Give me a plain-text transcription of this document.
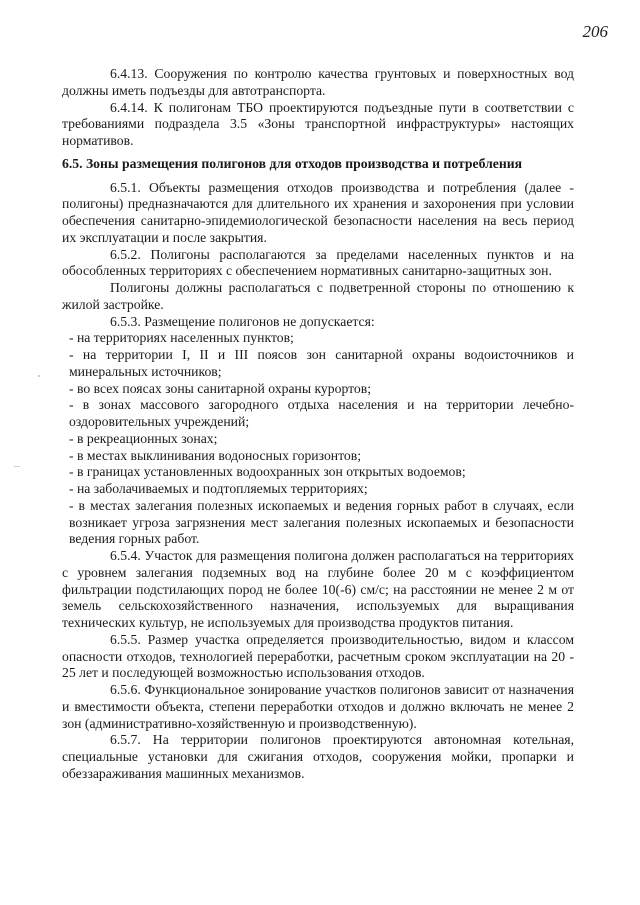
206

6.4.13. Сооружения по контролю качества грунтовых и поверхностных вод должны иметь подъезды для автотранспорта.

6.4.14. К полигонам ТБО проектируются подъездные пути в соответствии с требованиями подраздела 3.5 «Зоны транспортной инфраструктуры» настоящих нормативов.

6.5. Зоны размещения полигонов для отходов производства и потребления

6.5.1. Объекты размещения отходов производства и потребления (далее - полигоны) предназначаются для длительного их хранения и захоронения при условии обеспечения санитарно-эпидемиологической безопасности населения на весь период их эксплуатации и после закрытия.

6.5.2. Полигоны располагаются за пределами населенных пунктов и на обособленных территориях с обеспечением нормативных санитарно-защитных зон.

Полигоны должны располагаться с подветренной стороны по отношению к жилой застройке.

6.5.3. Размещение полигонов не допускается:

- на территориях населенных пунктов;

- на территории I, II и III поясов зон санитарной охраны водоисточников и минеральных источников;

- во всех поясах зоны санитарной охраны курортов;

- в зонах массового загородного отдыха населения и на территории лечебно-оздоровительных учреждений;

- в рекреационных зонах;

- в местах выклинивания водоносных горизонтов;

- в границах установленных водоохранных зон открытых водоемов;

- на заболачиваемых и подтопляемых территориях;

- в местах залегания полезных ископаемых и ведения горных работ в случаях, если возникает угроза загрязнения мест залегания полезных ископаемых и безопасности ведения горных работ.

6.5.4. Участок для размещения полигона должен располагаться на территориях с уровнем залегания подземных вод на глубине более 20 м с коэффициентом фильтрации подстилающих пород не более 10(-6) см/с; на расстоянии не менее 2 м от земель сельскохозяйственного назначения, используемых для выращивания технических культур, не используемых для производства продуктов питания.

6.5.5. Размер участка определяется производительностью, видом и классом опасности отходов, технологией переработки, расчетным сроком эксплуатации на 20 - 25 лет и последующей возможностью использования отходов.

6.5.6. Функциональное зонирование участков полигонов зависит от назначения и вместимости объекта, степени переработки отходов и должно включать не менее 2 зон (административно-хозяйственную и производственную).

6.5.7. На территории полигонов проектируются автономная котельная, специальные установки для сжигания отходов, сооружения мойки, пропарки и обеззараживания машинных механизмов.
